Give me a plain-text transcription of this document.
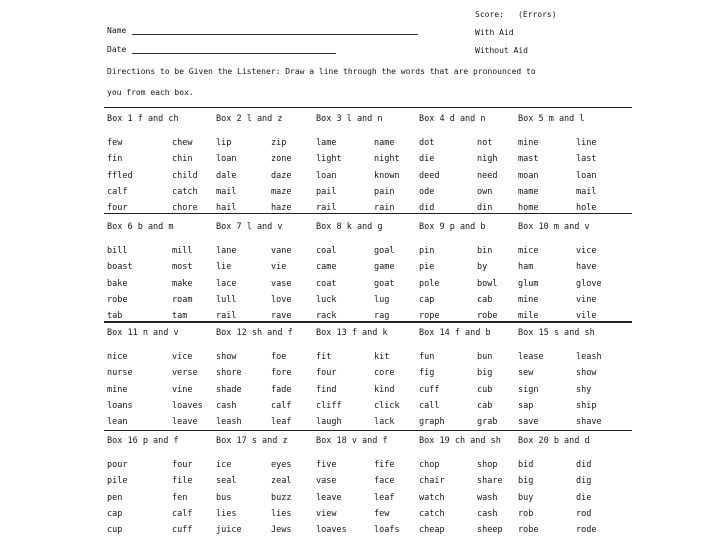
Name
Date
Score: (Errors)
With Aid
Without Aid
Directions to be Given the Listener: Draw a line through the words that are pronounced to
you from each box.
Box 1 f and ch
few	chew
fin	chin
ffled	child
calf	catch
four	chore
Box 2 l and z
lip	zip
loan	zone
dale	daze
mail	maze
hail	haze
Box 3 l and n
lame	name
light	night
loan	known
pail	pain
rail	rain
Box 4 d and n
dot	not
die	nigh
deed	need
ode	own
did	din
Box 5 m and l
mine	line
mast	last
moan	loan
mame	mail
home	hole
Box 6 b and m
bill	mill
boast	most
bake	make
robe	roam
tab	tam
Box 7 l and v
lane	vane
lie	vie
lace	vase
lull	love
rail	rave
Box 8 k and g
coal	goal
came	game
coat	goat
luck	lug
rack	rag
Box 9 p and b
pin	bin
pie	by
pole	bowl
cap	cab
rope	robe
Box 10 m and v
mice	vice
ham	have
glum	glove
mine	vine
mile	vile
Box 11 n and v
nice	vice
nurse	verse
mine	vine
loans	loaves
lean	leave
Box 12 sh and f
show	foe
shore	fore
shade	fade
cash	calf
leash	leaf
Box 13 f and k
fit	kit
four	core
find	kind
cliff	click
laugh	lack
Box 14 f and b
fun	bun
fig	big
cuff	cub
call	cab
graph	grab
Box 15 s and sh
lease	leash
sew	show
sign	shy
sap	ship
save	shave
Box 16 p and f
pour	four
pile	file
pen	fen
cap	calf
cup	cuff
Box 17 s and z
ice	eyes
seal	zeal
bus	buzz
lies	lies
juice	Jews
Box 18 v and f
five	fife
vase	face
leave	leaf
view	few
loaves	loafs
Box 19 ch and sh
chop	shop
chair	share
watch	wash
catch	cash
cheap	sheep
Box 20 b and d
bid	did
big	dig
buy	die
rob	rod
robe	rode
